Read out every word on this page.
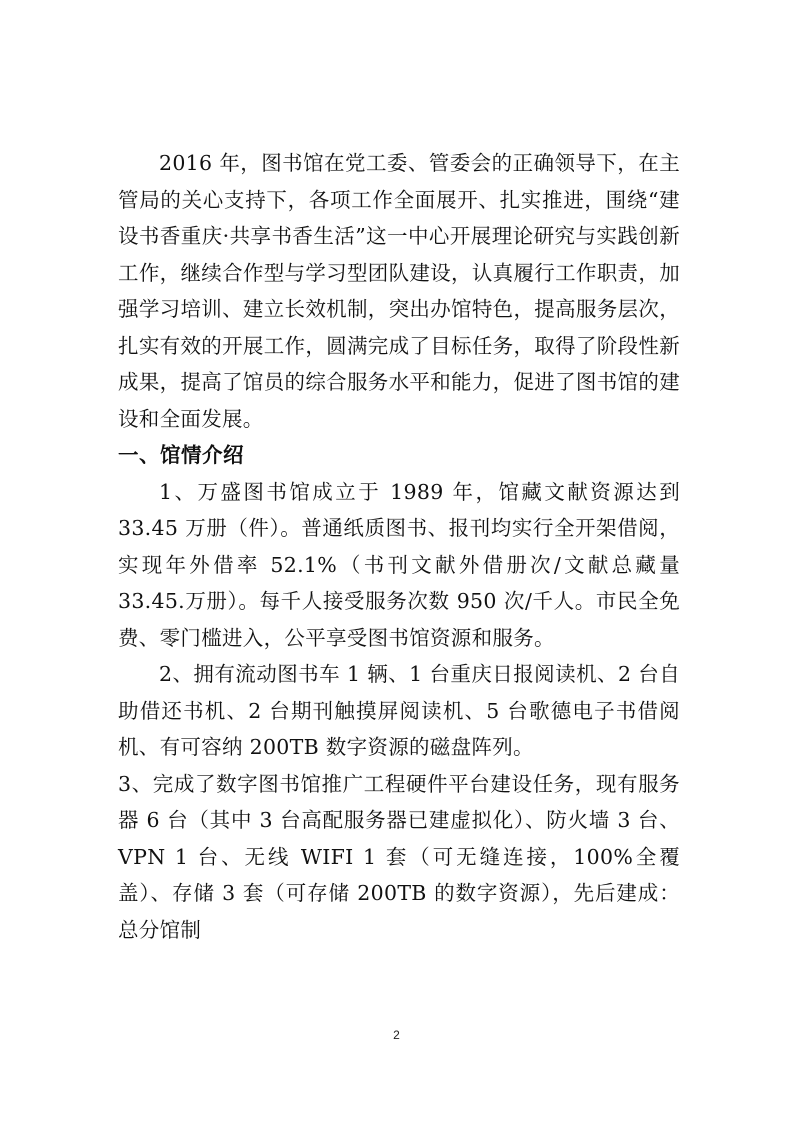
2016 年，图书馆在党工委、管委会的正确领导下，在主管局的关心支持下，各项工作全面展开、扎实推进，围绕“建设书香重庆·共享书香生活”这一中心开展理论研究与实践创新工作，继续合作型与学习型团队建设，认真履行工作职责，加强学习培训、建立长效机制，突出办馆特色，提高服务层次，扎实有效的开展工作，圆满完成了目标任务，取得了阶段性新成果，提高了馆员的综合服务水平和能力，促进了图书馆的建设和全面发展。

一、馆情介绍

1、万盛图书馆成立于 1989 年，馆藏文献资源达到 33.45 万册（件）。普通纸质图书、报刊均实行全开架借阅，实现年外借率 52.1%（书刊文献外借册次/文献总藏量 33.45.万册）。每千人接受服务次数 950 次/千人。市民全免费、零门槛进入，公平享受图书馆资源和服务。

2、拥有流动图书车 1 辆、1 台重庆日报阅读机、2 台自助借还书机、2 台期刊触摸屏阅读机、5 台歌德电子书借阅机、有可容纳 200TB 数字资源的磁盘阵列。

3、完成了数字图书馆推广工程硬件平台建设任务，现有服务器 6 台（其中 3 台高配服务器已建虚拟化）、防火墙 3 台、VPN 1 台、无线 WIFI 1 套（可无缝连接，100%全覆盖）、存储 3 套（可存储 200TB 的数字资源），先后建成：总分馆制

2
